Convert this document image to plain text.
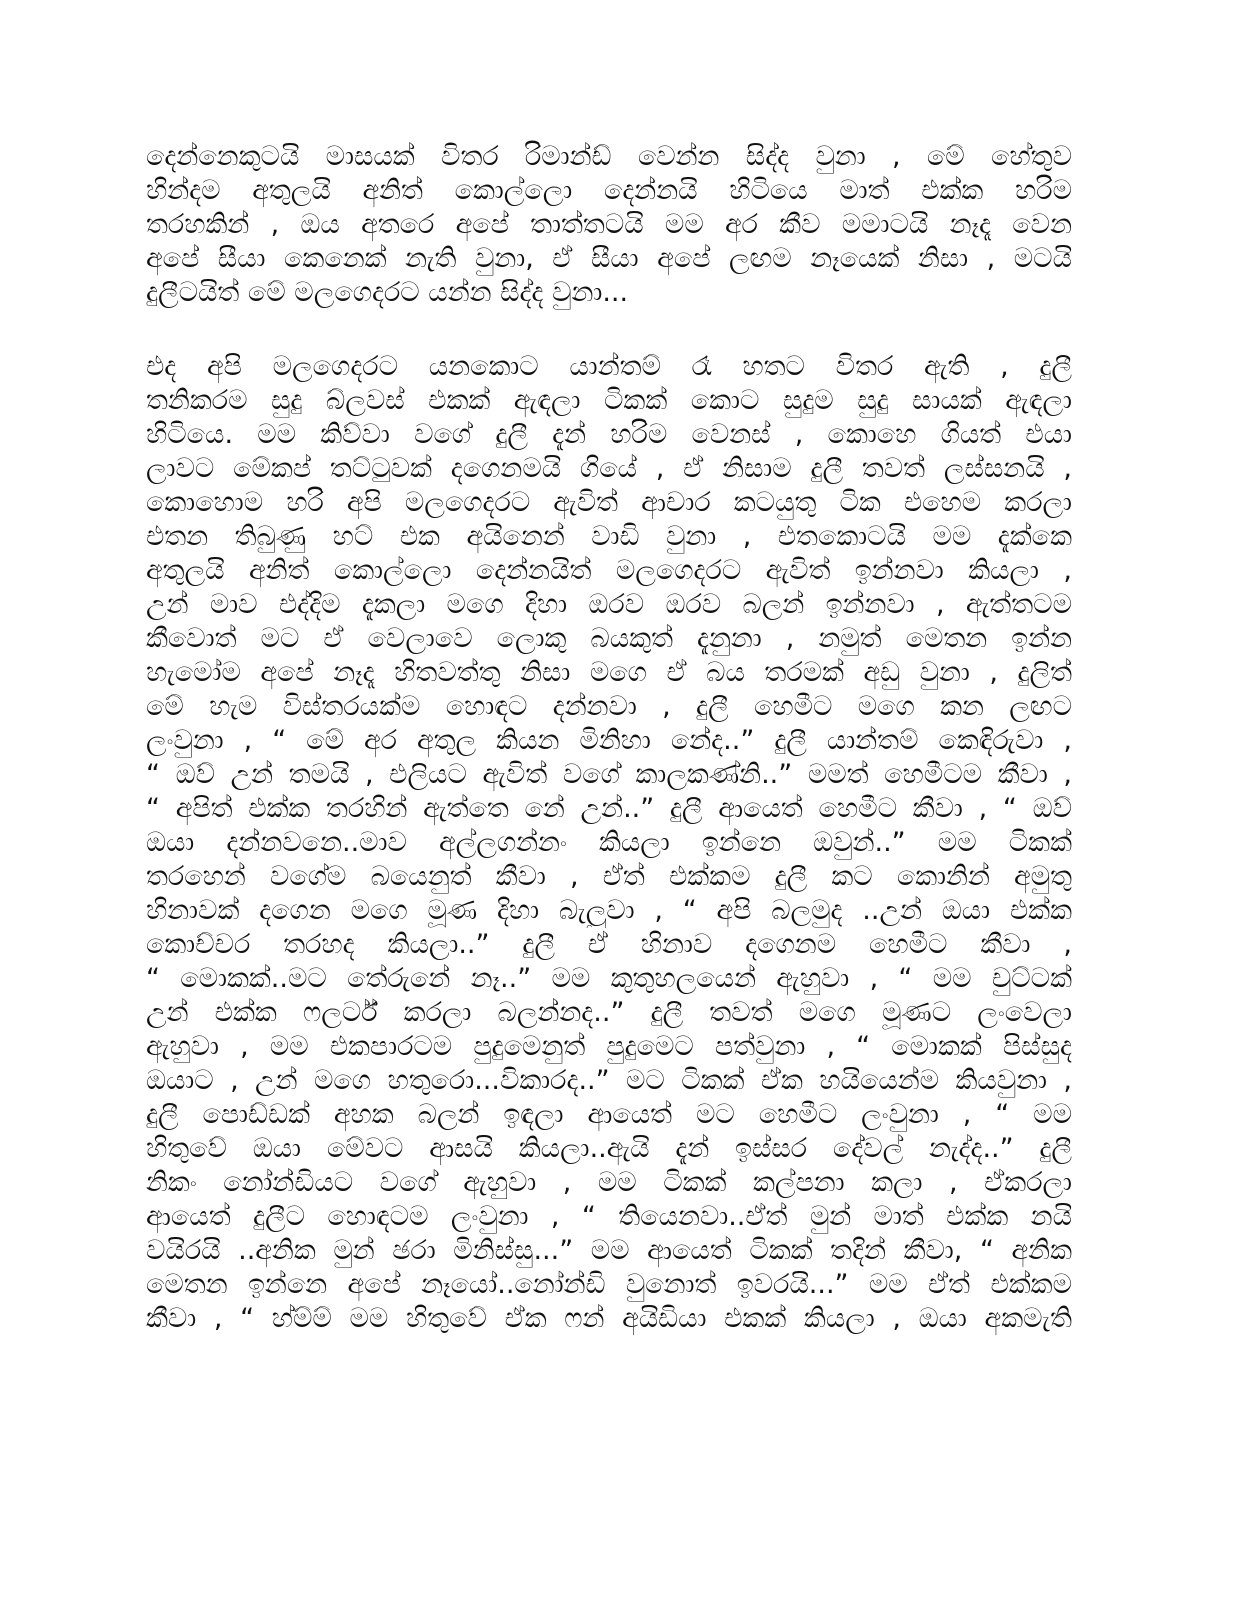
දෙන්නෙකුටයි මාසයක් විතර රිමාන්ඩ් වෙන්න සිද්ද වුනා , මේ හේතුව
හින්දම අතුලයි අනිත් කොල්ලො දෙන්නයි හිටියෙ මාත් එක්ක හරිම
තරහකින් , ඔය අතරෙ අපේ තාත්තටයි මම අර කීව මමාටයි නෑදෑ වෙන
අපේ සීයා කෙනෙක් නැති වුනා, ඒ සීයා අපේ ලඟම නෑයෙක් නිසා , මටයි
දුලීටයිත් මේ මලගෙදරට යන්න සිද්ද වුනා...
එද අපි මලගෙදරට යනකොට යාන්තම් රෑ හතට විතර ඇති , දුලී
තනිකරම සුදු බ්ලවස් එකක් ඇඳලා ටිකක් කොට සුදුම සුදු සායක් ඇඳලා
හිටියෙ. මම කිව්වා වගේ දුලී දැන් හරිම වෙනස් , කොහෙ ගියත් එයා
ලාවට මේකප් තට්ටුවක් දගෙනමයි ගියේ , ඒ නිසාම දුලී තවත් ලස්සනයි ,
කොහොම හරි අපි මලගෙදරට ඇවිත් ආචාර කටයුතු ටික එහෙම කරලා
එතන තිබුණු හට් එක අයිනෙන් වාඩි වුනා , එතකොටයි මම දැක්කෙ
අතුලයි අනිත් කොල්ලො දෙන්නයිත් මලගෙදරට ඇවිත් ඉන්නවා කියලා ,
උන් මාව එද්දිම දැකලා මගෙ දිහා ඔරව ඔරව බලන් ඉන්නවා , ඇත්තටම
කීවොත් මට ඒ වෙලාවෙ ලොකු බයකුත් දැනුනා , නමුත් මෙතන ඉන්න
හැමෝම අපේ නෑදෑ හිතවත්තු නිසා මගෙ ඒ බය තරමක් අඩු වුනා , දුලිත්
මේ හැම විස්තරයක්ම හොඳට දන්නවා , දුලී හෙමීට මගෙ කන ලඟට
ලංවුනා , “ මේ අර අතුල කියන මිනිහා නේද..” දුලී යාන්තම් කෙඳිරුවා ,
“ ඔව් උන් තමයි , එලියට ඇවිත් වගේ කාලකණ්නි..” මමත් හෙමීටම කීවා ,
“ අපිත් එක්ක තරහින් ඇත්තෙ නේ උන්..” දුලී ආයෙත් හෙමීට කීවා , “ ඔව්
ඔයා දන්නවනෙ..මාව අල්ලගන්නං කියලා ඉන්නෙ ඔවුන්..” මම ටිකක්
තරහෙන් වගේම බයෙනුත් කීවා , ඒත් එක්කම දුලී කට කොනින් අමුතු
හිනාවක් දගෙන මගෙ මූණ දිහා බැලුවා , “ අපි බලමුද ..උන් ඔයා එක්ක
කොච්චර තරහද කියලා..” දුලී ඒ හිනාව දගෙනම හෙමීට කීවා ,
“ මොකක්..මට තේරුනේ නෑ..” මම කුතුහලයෙන් ඇහුවා , “ මම චුට්ටක්
උන් එක්ක ෆලර්ට් කරලා බලන්නද..” දුලී තවත් මගෙ මූණට ලංවෙලා
ඇහුවා , මම එකපාරටම පුදුමෙනුත් පුදුමෙට පත්වුනා , “ මොකක් පිස්සුද
ඔයාට , උන් මගෙ හතුරො...විකාරද..” මට ටිකක් ඒක හයියෙන්ම කියවුනා ,
දුලී පොඩ්ඩක් අහක බලන් ඉඳලා ආයෙත් මට හෙමීට ලංවුනා , “ මම
හිතුවේ ඔයා මේවට ආසයි කියලා..ඇයි දැන් ඉස්සර දේවල් නැද්ද..” දුලී
නිකං නෝන්ඩියට වගේ ඇහුවා , මම ටිකක් කල්පනා කලා , ඒකරලා
ආයෙත් දුලීට හොඳටම ලංවුනා , “ තියෙනවා..ඒත් මුන් මාත් එක්ක නයි
වයිරයි ..අනික මුන් ඡරා මිනිස්සු...” මම ආයෙත් ටිකක් තදින් කීවා, “ අනික
මෙතන ඉන්නෙ අපේ නෑයෝ..නෝන්ඩි වුනොත් ඉවරයි...” මම ඒත් එක්කම
කීවා , “ හ්ම්ම් මම හිතුවේ ඒක ෆන් අයිඩියා එකක් කියලා , ඔයා අකමැති
